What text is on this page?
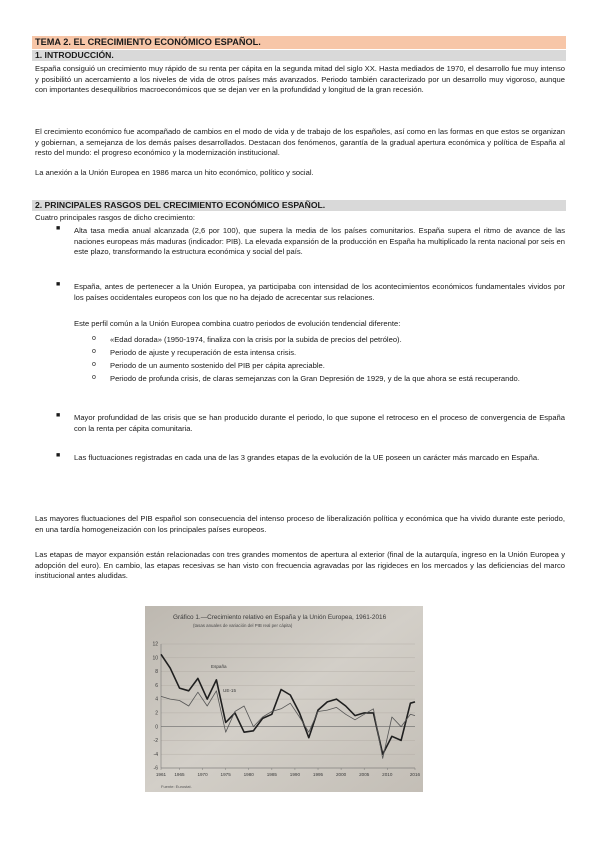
TEMA 2. EL CRECIMIENTO ECONÓMICO ESPAÑOL.
1. INTRODUCCIÓN.
España consiguió un crecimiento muy rápido de su renta per cápita en la segunda mitad del siglo XX. Hasta mediados de 1970, el desarrollo fue muy intenso y posibilitó un acercamiento a los niveles de vida de otros países más avanzados. Periodo también caracterizado por un desarrollo muy vigoroso, aunque con importantes desequilibrios macroeconómicos que se dejan ver en la profundidad y longitud de la gran recesión.
El crecimiento económico fue acompañado de cambios en el modo de vida y de trabajo de los españoles, así como en las formas en que estos se organizan y gobiernan, a semejanza de los demás países desarrollados. Destacan dos fenómenos, garantía de la gradual apertura económica y política de España al resto del mundo: el progreso económico y la modernización institucional.
La anexión a la Unión Europea en 1986 marca un hito económico, político y social.
2. PRINCIPALES RASGOS DEL CRECIMIENTO ECONÓMICO ESPAÑOL.
Cuatro principales rasgos de dicho crecimiento:
■ Alta tasa media anual alcanzada (2,6 por 100), que supera la media de los países comunitarios. España supera el ritmo de avance de las naciones europeas más maduras (indicador: PIB). La elevada expansión de la producción en España ha multiplicado la renta nacional por seis en este plazo, transformando la estructura económica y social del país.
■ España, antes de pertenecer a la Unión Europea, ya participaba con intensidad de los acontecimientos económicos fundamentales vividos por los países occidentales europeos con los que no ha dejado de acrecentar sus relaciones.
Este perfil común a la Unión Europea combina cuatro periodos de evolución tendencial diferente:
o «Edad dorada» (1950-1974, finaliza con la crisis por la subida de precios del petróleo).
o Periodo de ajuste y recuperación de esta intensa crisis.
o Periodo de un aumento sostenido del PIB per cápita apreciable.
o Periodo de profunda crisis, de claras semejanzas con la Gran Depresión de 1929, y de la que ahora se está recuperando.
■ Mayor profundidad de las crisis que se han producido durante el periodo, lo que supone el retroceso en el proceso de convergencia de España con la renta per cápita comunitaria.
■ Las fluctuaciones registradas en cada una de las 3 grandes etapas de la evolución de la UE poseen un carácter más marcado en España.
Las mayores fluctuaciones del PIB español son consecuencia del intenso proceso de liberalización política y económica que ha vivido durante este periodo, en una tardía homogeneización con los principales países europeos.
Las etapas de mayor expansión están relacionadas con tres grandes momentos de apertura al exterior (final de la autarquía, ingreso en la Unión Europea y adopción del euro). En cambio, las etapas recesivas se han visto con frecuencia agravadas por las rigideces en los mercados y las deficiencias del marco institucional antes aludidas.
Gráfico 1.—Crecimiento relativo en España y la Unión Europea, 1961-2016
(tasas anuales de variación del PIB real per cápita)
Fuente: Eurostat.
12
10
8
6
4
2
0
-2
-4
-6
1961 1965	1970	1975	1980	1985	1990	1995	2000	2005	2010	2016
España
UE-15
